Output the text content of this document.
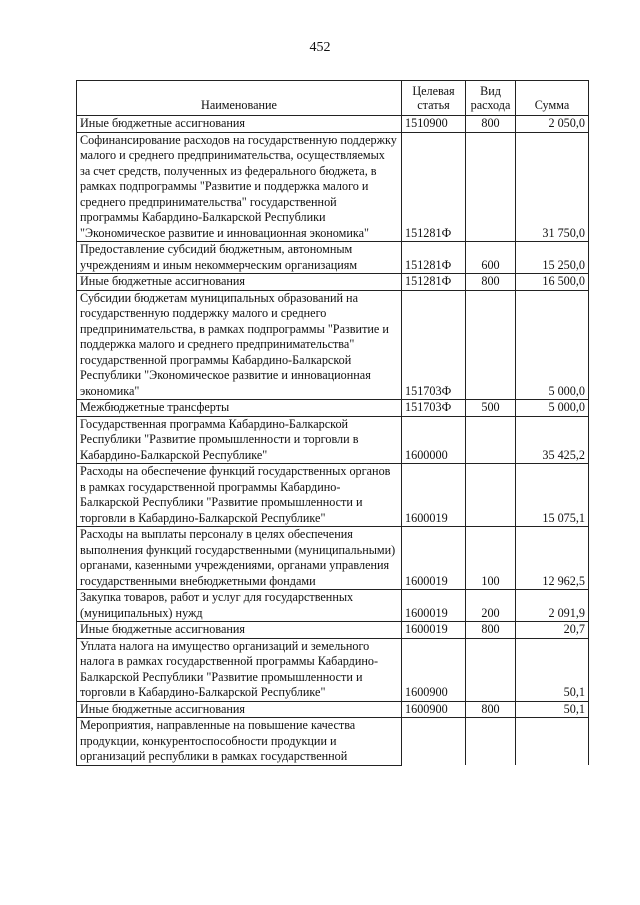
452
Наименование	Целевая статья	Вид расхода	Сумма
Иные бюджетные ассигнования	1510900	800	2 050,0
Софинансирование расходов на государственную поддержку малого и среднего предпринимательства, осуществляемых за счет средств, полученных из федерального бюджета, в рамках подпрограммы "Развитие и поддержка малого и среднего предпринимательства" государственной программы Кабардино-Балкарской Республики "Экономическое развитие и инновационная экономика"	151281Ф		31 750,0
Предоставление субсидий бюджетным, автономным учреждениям и иным некоммерческим организациям	151281Ф	600	15 250,0
Иные бюджетные ассигнования	151281Ф	800	16 500,0
Субсидии бюджетам муниципальных образований на государственную поддержку малого и среднего предпринимательства, в рамках подпрограммы "Развитие и поддержка малого и среднего предпринимательства" государственной программы Кабардино-Балкарской Республики "Экономическое развитие и инновационная экономика"	151703Ф		5 000,0
Межбюджетные трансферты	151703Ф	500	5 000,0
Государственная программа Кабардино-Балкарской Республики "Развитие промышленности и торговли в Кабардино-Балкарской Республике"	1600000		35 425,2
Расходы на обеспечение функций государственных органов в рамках государственной программы Кабардино-Балкарской Республики "Развитие промышленности и торговли в Кабардино-Балкарской Республике"	1600019		15 075,1
Расходы на выплаты персоналу в целях обеспечения выполнения функций государственными (муниципальными) органами, казенными учреждениями, органами управления государственными внебюджетными фондами	1600019	100	12 962,5
Закупка товаров, работ и услуг для государственных (муниципальных) нужд	1600019	200	2 091,9
Иные бюджетные ассигнования	1600019	800	20,7
Уплата налога на имущество организаций и земельного налога в рамках государственной программы Кабардино-Балкарской Республики "Развитие промышленности и торговли в Кабардино-Балкарской Республике"	1600900		50,1
Иные бюджетные ассигнования	1600900	800	50,1
Мероприятия, направленные на повышение качества продукции, конкурентоспособности продукции и организаций республики в рамках государственной			
